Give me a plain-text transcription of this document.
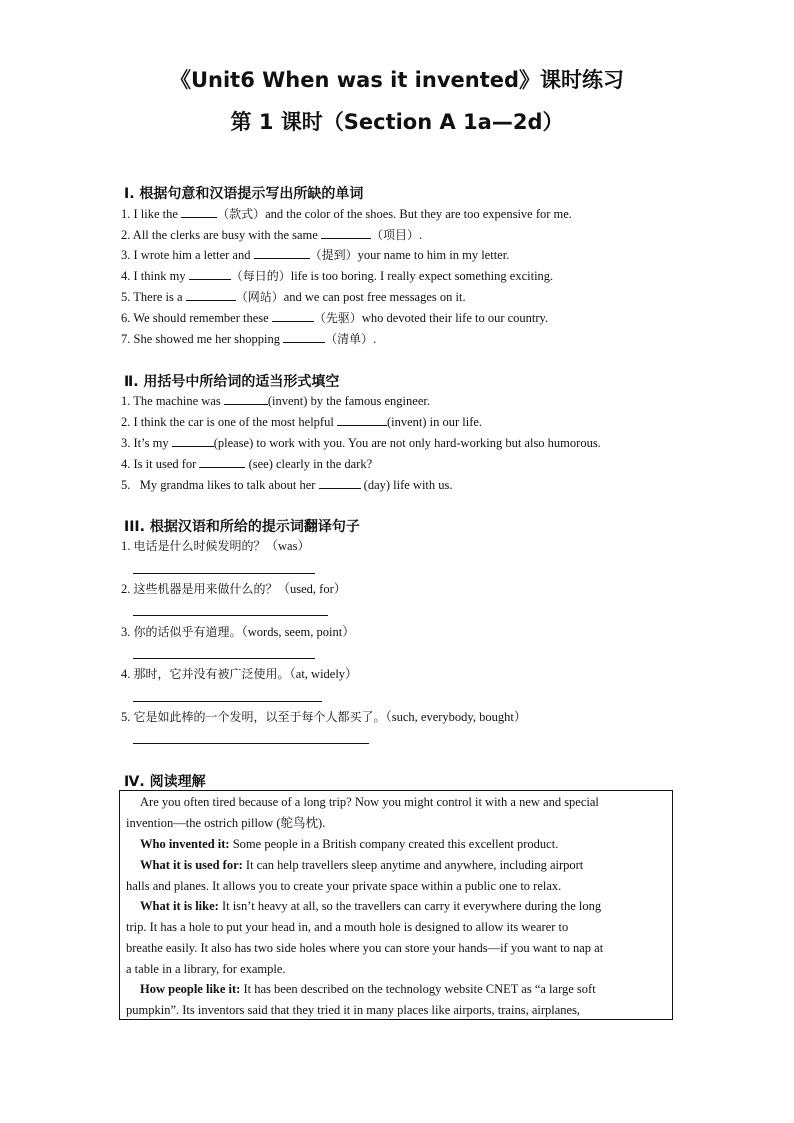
《Unit6 When was it invented》课时练习
第 1 课时（Section A 1a—2d）
Ⅰ. 根据句意和汉语提示写出所缺的单词
1. I like the	（款式）and the color of the shoes. But they are too expensive for me.
2. All the clerks are busy with the same	（项目）.
3. I wrote him a letter and	（提到）your name to him in my letter.
4. I think my	（每日的）life is too boring. I really expect something exciting.
5. There is a	（网站）and we can post free messages on it.
6. We should remember these	（先驱）who devoted their life to our country.
7. She showed me her shopping	（清单）.
Ⅱ. 用括号中所给词的适当形式填空
1. The machine was	(invent) by the famous engineer.
2. I think the car is one of the most helpful	(invent) in our life.
3. It’s my	(please) to work with you. You are not only hard-working but also humorous.
4. Is it used for	(see) clearly in the dark?
5.   My grandma likes to talk about her	(day) life with us.
III. 根据汉语和所给的提示词翻译句子
1. 电话是什么时候发明的？（was）
2. 这些机器是用来做什么的？（used, for）
3. 你的话似乎有道理。（words, seem, point）
4. 那时，它并没有被广泛使用。（at, widely）
5. 它是如此棒的一个发明，以至于每个人都买了。（such, everybody, bought）
Ⅳ. 阅读理解
Are you often tired because of a long trip? Now you might control it with a new and special
invention—the ostrich pillow (鸵鸟枕).
Who invented it: Some people in a British company created this excellent product.
What it is used for: It can help travellers sleep anytime and anywhere, including airport
halls and planes. It allows you to create your private space within a public one to relax.
What it is like: It isn’t heavy at all, so the travellers can carry it everywhere during the long
trip. It has a hole to put your head in, and a mouth hole is designed to allow its wearer to
breathe easily. It also has two side holes where you can store your hands—if you want to nap at
a table in a library, for example.
How people like it: It has been described on the technology website CNET as “a large soft
pumpkin”. Its inventors said that they tried it in many places like airports, trains, airplanes,
